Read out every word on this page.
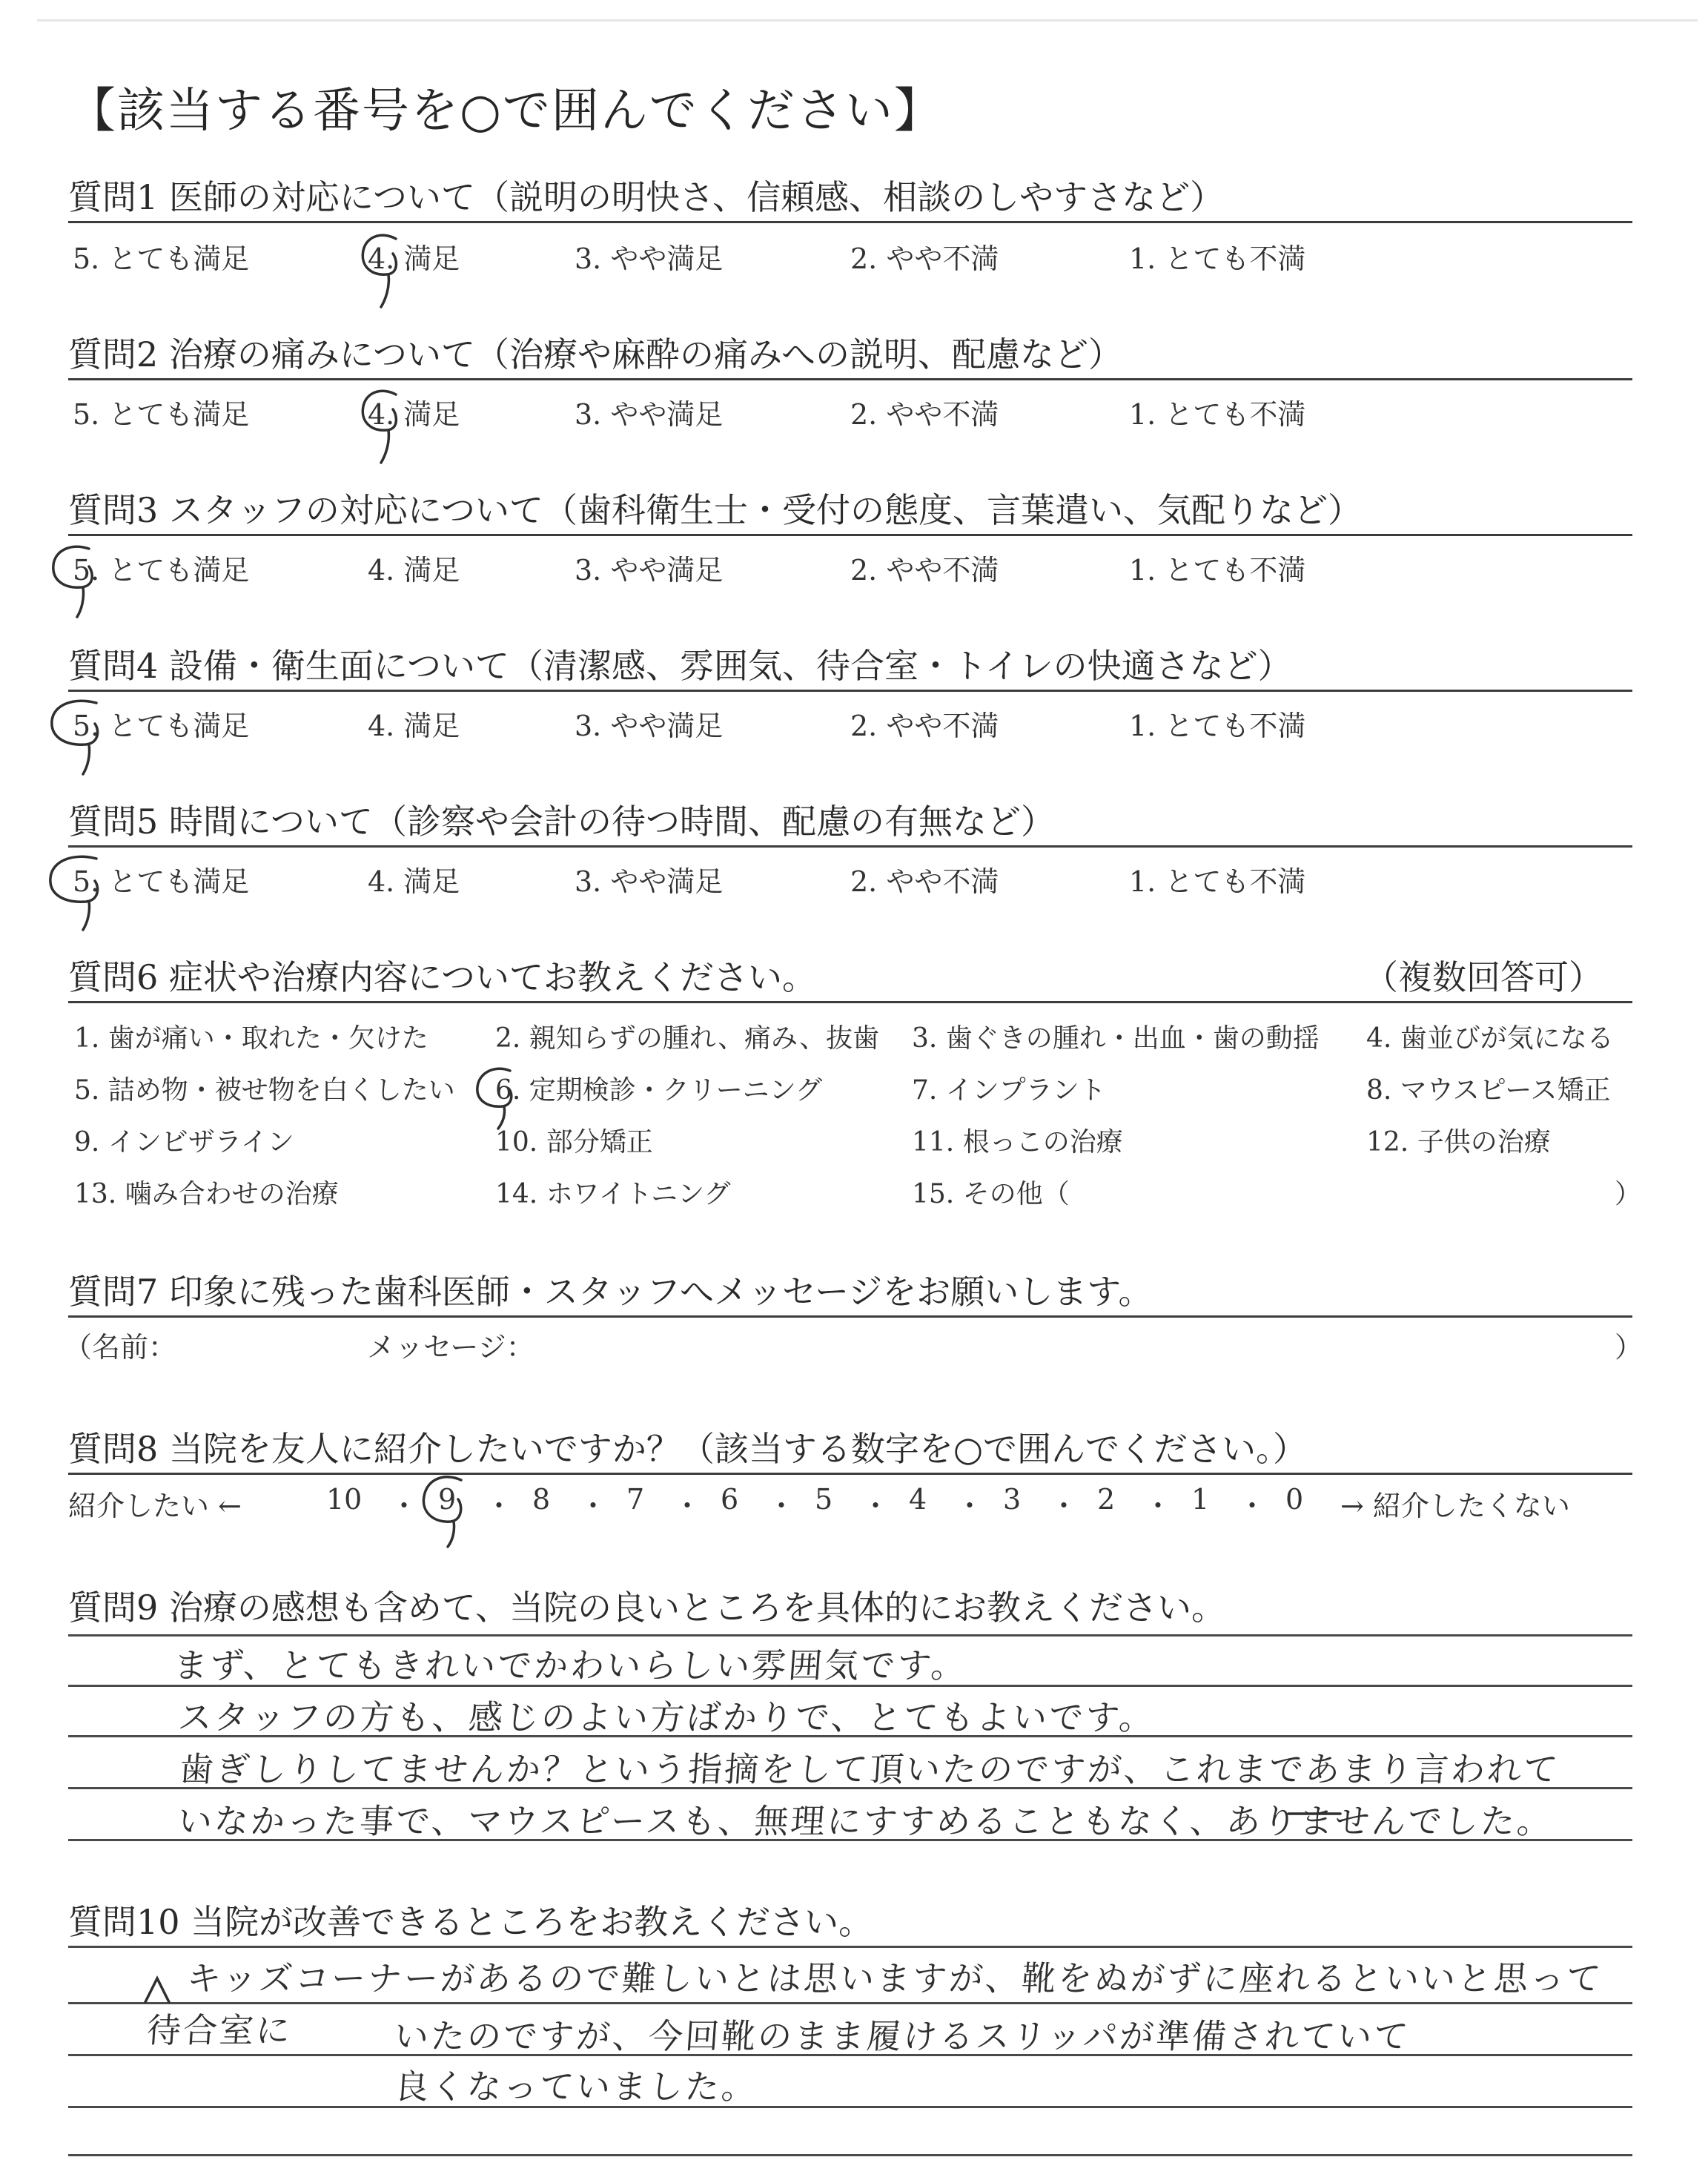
【該当する番号を○で囲んでください】
質問1 医師の対応について（説明の明快さ、信頼感、相談のしやすさなど）
5. とても満足	4. 満足	3. やや満足	2. やや不満	1. とても不満
質問2 治療の痛みについて（治療や麻酔の痛みへの説明、配慮など）
5. とても満足	4. 満足	3. やや満足	2. やや不満	1. とても不満
質問3 スタッフの対応について（歯科衛生士・受付の態度、言葉遣い、気配りなど）
5. とても満足	4. 満足	3. やや満足	2. やや不満	1. とても不満
質問4 設備・衛生面について（清潔感、雰囲気、待合室・トイレの快適さなど）
5. とても満足	4. 満足	3. やや満足	2. やや不満	1. とても不満
質問5 時間について（診察や会計の待つ時間、配慮の有無など）
5. とても満足	4. 満足	3. やや満足	2. やや不満	1. とても不満
質問6 症状や治療内容についてお教えください。	（複数回答可）
1. 歯が痛い・取れた・欠けた	2. 親知らずの腫れ、痛み、抜歯 3. 歯ぐきの腫れ・出血・歯の動揺 4. 歯並びが気になる
5. 詰め物・被せ物を白くしたい 6. 定期検診・クリーニング	7. インプラント	8. マウスピース矯正
9. インビザライン	10. 部分矯正	11. 根っこの治療	12. 子供の治療
13. 噛み合わせの治療	14. ホワイトニング	15. その他（	）
質問7 印象に残った歯科医師・スタッフへメッセージをお願いします。
（名前：	メッセージ：	）
質問8 当院を友人に紹介したいですか？（該当する数字を○で囲んでください。）
紹介したい ←	10 ・ 9 ・ 8 ・ 7 ・ 6 ・ 5 ・ 4 ・ 3 ・ 2 ・ 1 ・ 0 → 紹介したくない
質問9 治療の感想も含めて、当院の良いところを具体的にお教えください。
まず、とてもきれいでかわいらしい雰囲気です。
スタッフの方も、感じのよい方ばかりで、とてもよいです。
歯ぎしりしてませんか？という指摘をして頂いたのですが、これまであまり言われて
いなかった事で、マウスピースも、無理にすすめることもなく、ありませんでした。
質問10 当院が改善できるところをお教えください。
キッズコーナーがあるので難しいとは思いますが、靴をぬがずに座れるといいと思って
待合室に	いたのですが、今回靴のまま履けるスリッパが準備されていて
良くなっていました。
